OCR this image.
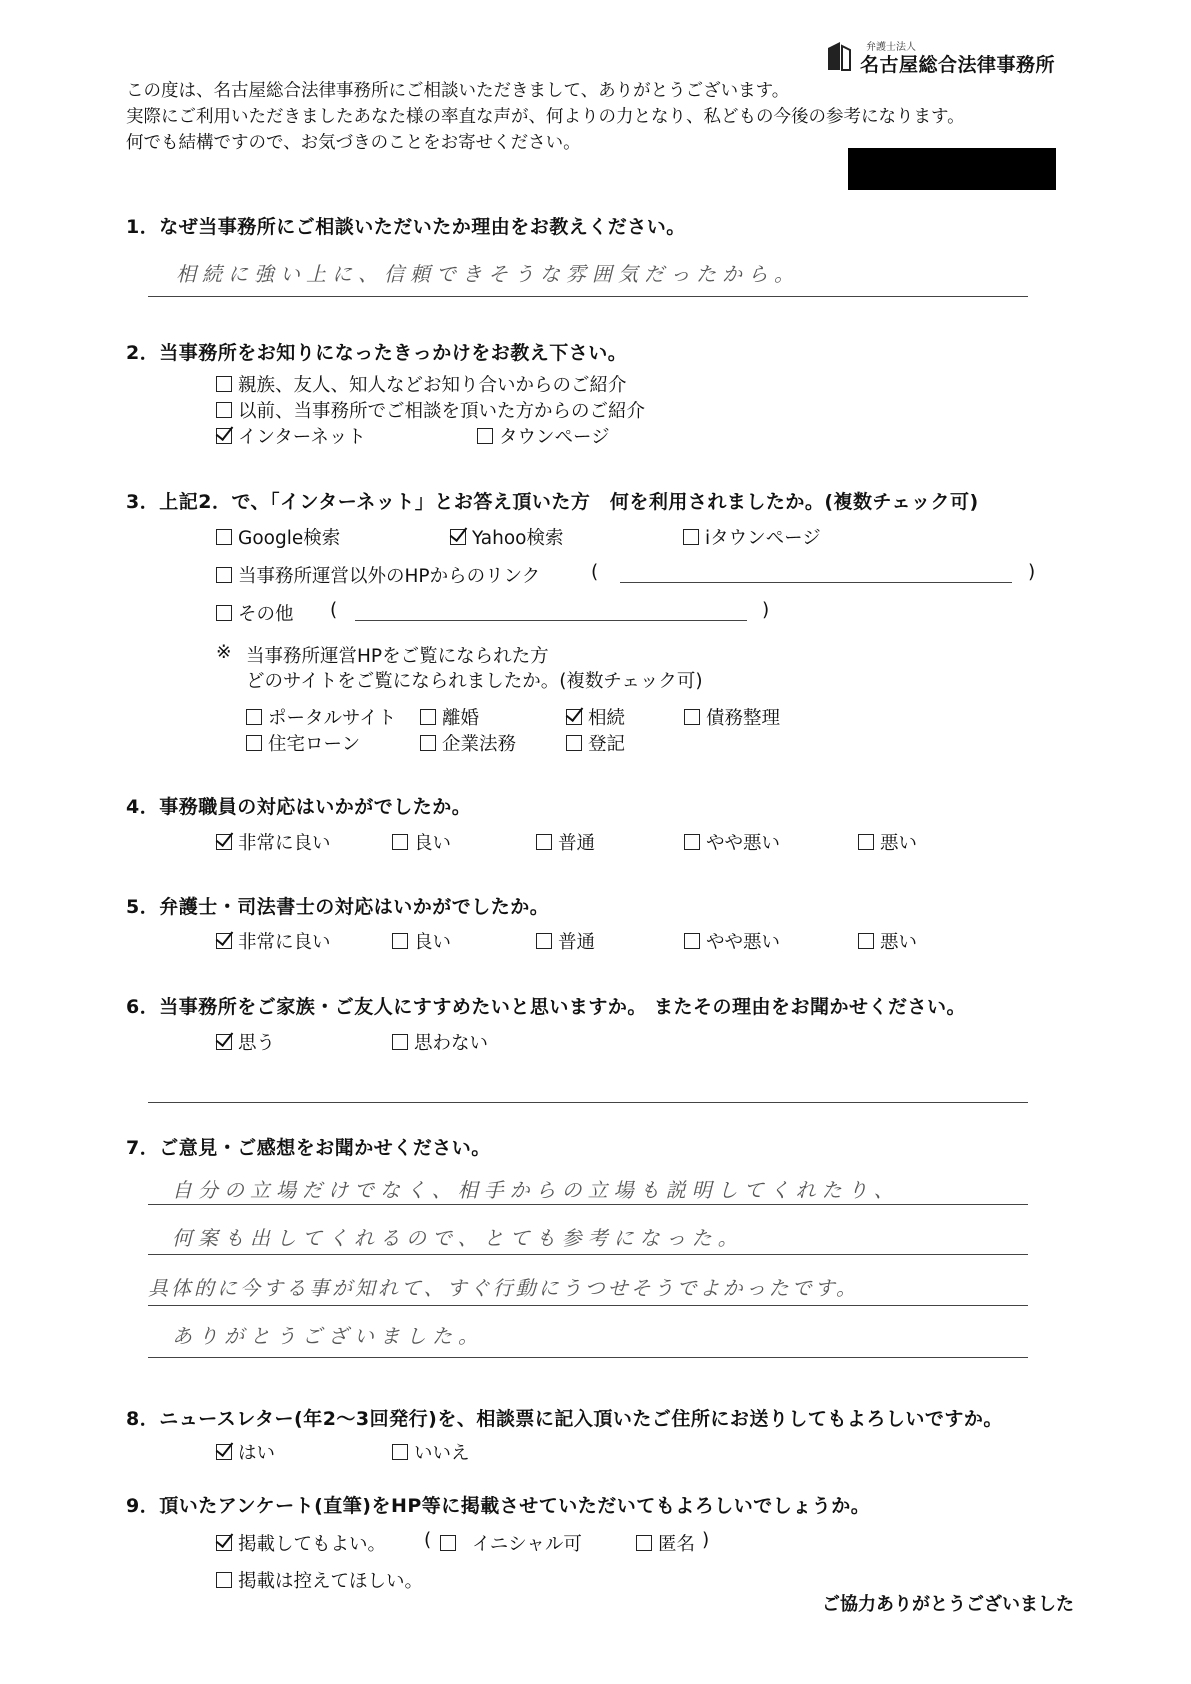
弁護士法人
名古屋総合法律事務所
この度は、名古屋総合法律事務所にご相談いただきまして、ありがとうございます。
実際にご利用いただきましたあなた様の率直な声が、何よりの力となり、私どもの今後の参考になります。
何でも結構ですので、お気づきのことをお寄せください。
1．なぜ当事務所にご相談いただいたか理由をお教えください。
相続に強い上に、信頼できそうな雰囲気だったから。
2．当事務所をお知りになったきっかけをお教え下さい。
親族、友人、知人などお知り合いからのご紹介
以前、当事務所でご相談を頂いた方からのご紹介
インターネット	タウンページ
3．上記2．で、「インターネット」とお答え頂いた方　何を利用されましたか。(複数チェック可)
Google検索	Yahoo検索	iタウンページ
当事務所運営以外のHPからのリンク	(	)
その他 (	)
※ 当事務所運営HPをご覧になられた方
どのサイトをご覧になられましたか。(複数チェック可)
ポータルサイト 離婚	相続	債務整理
住宅ローン	企業法務	登記
4．事務職員の対応はいかがでしたか。
非常に良い	良い	普通	やや悪い	悪い
5．弁護士・司法書士の対応はいかがでしたか。
非常に良い	良い	普通	やや悪い	悪い
6．当事務所をご家族・ご友人にすすめたいと思いますか。 またその理由をお聞かせください。
思う	思わない
7．ご意見・ご感想をお聞かせください。
自分の立場だけでなく、相手からの立場も説明してくれたり、
何案も出してくれるので、とても参考になった。
具体的に今する事が知れて、すぐ行動にうつせそうでよかったです。
ありがとうございました。
8．ニュースレター(年2～3回発行)を、相談票に記入頂いたご住所にお送りしてもよろしいですか。
はい	いいえ
9．頂いたアンケート(直筆)をHP等に掲載させていただいてもよろしいでしょうか。
掲載してもよい。 ( イニシャル可	匿名 )
掲載は控えてほしい。
ご協力ありがとうございました
